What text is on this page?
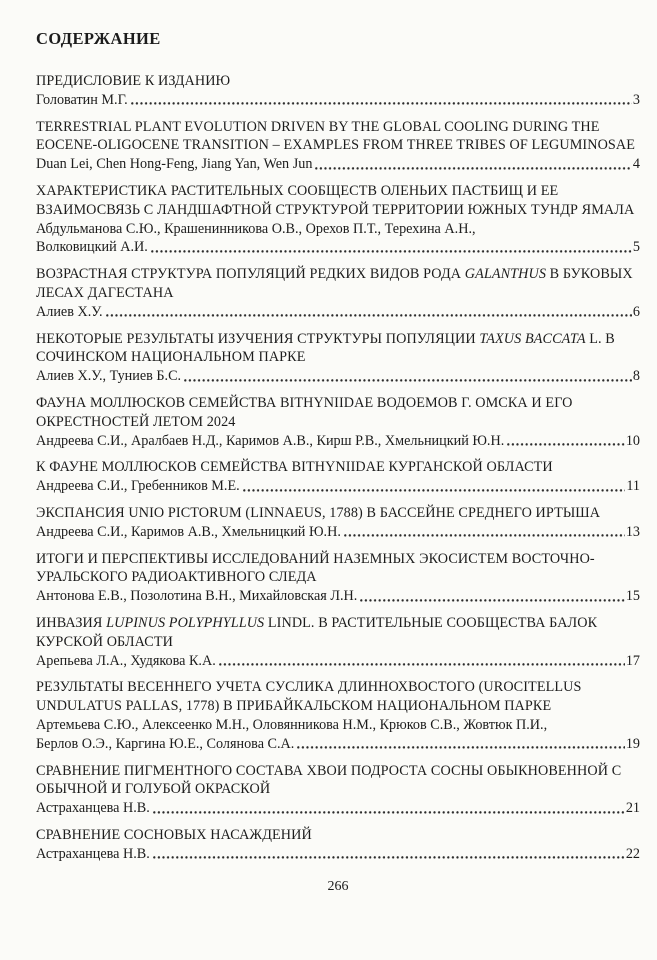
СОДЕРЖАНИЕ
ПРЕДИСЛОВИЕ К ИЗДАНИЮ
Головатин М.Г.	3
TERRESTRIAL PLANT EVOLUTION DRIVEN BY THE GLOBAL COOLING DURING THE EOCENE-OLIGOCENE TRANSITION – EXAMPLES FROM THREE TRIBES OF LEGUMINOSAE
Duan Lei, Chen Hong-Feng, Jiang Yan, Wen Jun	4
ХАРАКТЕРИСТИКА РАСТИТЕЛЬНЫХ СООБЩЕСТВ ОЛЕНЬИХ ПАСТБИЩ И ЕЕ ВЗАИМОСВЯЗЬ С ЛАНДШАФТНОЙ СТРУКТУРОЙ ТЕРРИТОРИИ ЮЖНЫХ ТУНДР ЯМАЛА
Абдульманова С.Ю., Крашенинникова О.В., Орехов П.Т., Терехина А.Н.,
Волковицкий А.И.	5
ВОЗРАСТНАЯ СТРУКТУРА ПОПУЛЯЦИЙ РЕДКИХ ВИДОВ РОДА GALANTHUS В БУКОВЫХ ЛЕСАХ ДАГЕСТАНА
Алиев Х.У.	6
НЕКОТОРЫЕ РЕЗУЛЬТАТЫ ИЗУЧЕНИЯ СТРУКТУРЫ ПОПУЛЯЦИИ TAXUS BACCATA L. В СОЧИНСКОМ НАЦИОНАЛЬНОМ ПАРКЕ
Алиев Х.У., Туниев Б.С.	8
ФАУНА МОЛЛЮСКОВ СЕМЕЙСТВА BITHYNIIDAE ВОДОЕМОВ Г. ОМСКА И ЕГО ОКРЕСТНОСТЕЙ ЛЕТОМ 2024
Андреева С.И., Аралбаев Н.Д., Каримов А.В., Кирш Р.В., Хмельницкий Ю.Н.	10
К ФАУНЕ МОЛЛЮСКОВ СЕМЕЙСТВА BITHYNIIDAE КУРГАНСКОЙ ОБЛАСТИ
Андреева С.И., Гребенников М.Е.	11
ЭКСПАНСИЯ UNIO PICTORUM (LINNAEUS, 1788) В БАССЕЙНЕ СРЕДНЕГО ИРТЫША
Андреева С.И., Каримов А.В., Хмельницкий Ю.Н.	13
ИТОГИ И ПЕРСПЕКТИВЫ ИССЛЕДОВАНИЙ НАЗЕМНЫХ ЭКОСИСТЕМ ВОСТОЧНО-УРАЛЬСКОГО РАДИОАКТИВНОГО СЛЕДА
Антонова Е.В., Позолотина В.Н., Михайловская Л.Н.	15
ИНВАЗИЯ LUPINUS POLYPHYLLUS LINDL. В РАСТИТЕЛЬНЫЕ СООБЩЕСТВА БАЛОК КУРСКОЙ ОБЛАСТИ
Арепьева Л.А., Худякова К.А.	17
РЕЗУЛЬТАТЫ ВЕСЕННЕГО УЧЕТА СУСЛИКА ДЛИННОХВОСТОГО (UROCITELLUS UNDULATUS PALLAS, 1778) В ПРИБАЙКАЛЬСКОМ НАЦИОНАЛЬНОМ ПАРКЕ
Артемьева С.Ю., Алексеенко М.Н., Оловянникова Н.М., Крюков С.В., Жовтюк П.И.,
Берлов О.Э., Каргина Ю.Е., Солянова С.А.	19
СРАВНЕНИЕ ПИГМЕНТНОГО СОСТАВА ХВОИ ПОДРОСТА СОСНЫ ОБЫКНОВЕННОЙ С ОБЫЧНОЙ И ГОЛУБОЙ ОКРАСКОЙ
Астраханцева Н.В.	21
СРАВНЕНИЕ СОСНОВЫХ НАСАЖДЕНИЙ
Астраханцева Н.В.	22
266
